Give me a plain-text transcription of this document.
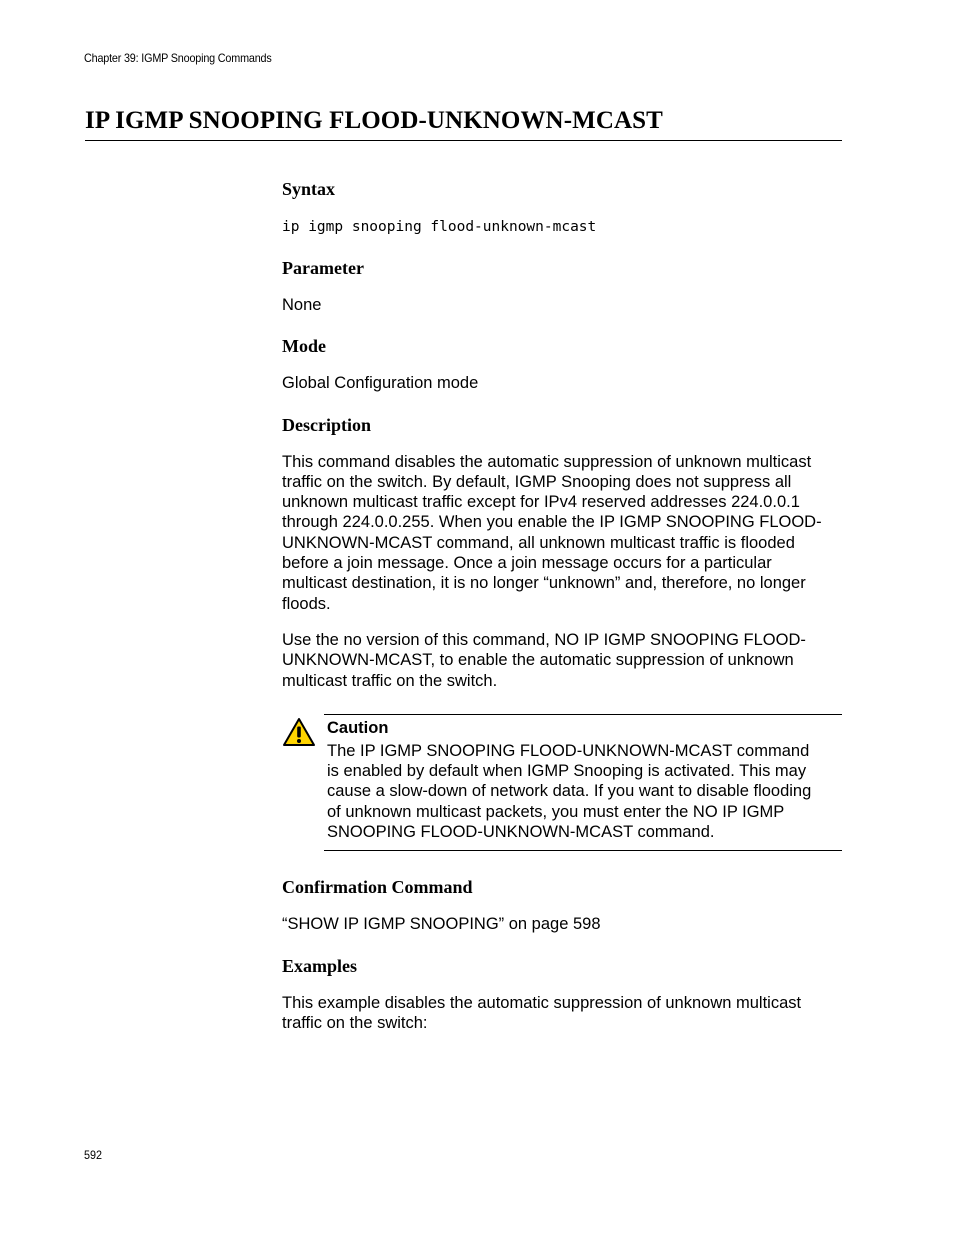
Chapter 39: IGMP Snooping Commands
IP IGMP SNOOPING FLOOD-UNKNOWN-MCAST
Syntax

ip igmp snooping flood-unknown-mcast

Parameter

None

Mode

Global Configuration mode

Description
This command disables the automatic suppression of unknown multicast
traffic on the switch. By default, IGMP Snooping does not suppress all
unknown multicast traffic except for IPv4 reserved addresses 224.0.0.1
through 224.0.0.255. When you enable the IP IGMP SNOOPING FLOOD-
UNKNOWN-MCAST command, all unknown multicast traffic is flooded
before a join message. Once a join message occurs for a particular
multicast destination, it is no longer “unknown” and, therefore, no longer
floods.
Use the no version of this command, NO IP IGMP SNOOPING FLOOD-
UNKNOWN-MCAST, to enable the automatic suppression of unknown
multicast traffic on the switch.
Caution
The IP IGMP SNOOPING FLOOD-UNKNOWN-MCAST command
is enabled by default when IGMP Snooping is activated. This may
cause a slow-down of network data. If you want to disable flooding
of unknown multicast packets, you must enter the NO IP IGMP
SNOOPING FLOOD-UNKNOWN-MCAST command.
Confirmation Command

“SHOW IP IGMP SNOOPING” on page 598

Examples
This example disables the automatic suppression of unknown multicast
traffic on the switch:
592
